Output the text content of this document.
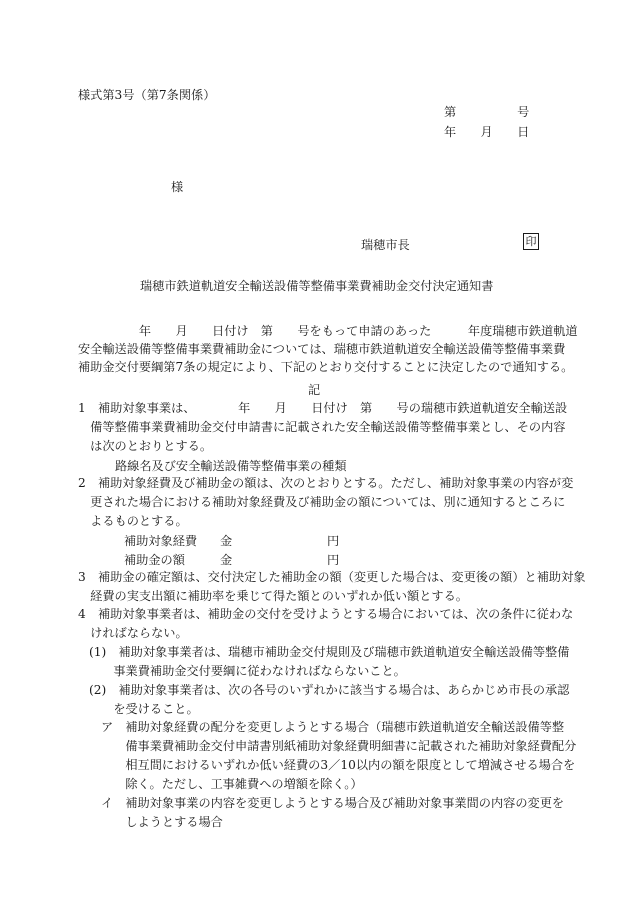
様式第3号（第7条関係）
第　　　　　号
年　　月　　日
様
瑞穂市長	印
瑞穂市鉄道軌道安全輸送設備等整備事業費補助金交付決定通知書
　　　　　年　　月　　日付け　第　　号をもって申請のあった　　　年度瑞穂市鉄道軌道
安全輸送設備等整備事業費補助金については、瑞穂市鉄道軌道安全輸送設備等整備事業費
補助金交付要綱第7条の規定により、下記のとおり交付することに決定したので通知する。
記
1　補助対象事業は、　　　　年　　月　　日付け　第　　号の瑞穂市鉄道軌道安全輸送設
　備等整備事業費補助金交付申請書に記載された安全輸送設備等整備事業とし、その内容
　は次のとおりとする。
路線名及び安全輸送設備等整備事業の種類
2　補助対象経費及び補助金の額は、次のとおりとする。ただし、補助対象事業の内容が変
　更された場合における補助対象経費及び補助金の額については、別に通知するところに
　よるものとする。
補助対象経費 金	円
補助金の額	金	円
3　補助金の確定額は、交付決定した補助金の額（変更した場合は、変更後の額）と補助対象
　経費の実支出額に補助率を乗じて得た額とのいずれか低い額とする。
4　補助対象事業者は、補助金の交付を受けようとする場合においては、次の条件に従わな
　ければならない。
(1)　補助対象事業者は、瑞穂市補助金交付規則及び瑞穂市鉄道軌道安全輸送設備等整備
　　事業費補助金交付要綱に従わなければならないこと。
(2)　補助対象事業者は、次の各号のいずれかに該当する場合は、あらかじめ市長の承認
　　を受けること。
ア　補助対象経費の配分を変更しようとする場合（瑞穂市鉄道軌道安全輸送設備等整
　　備事業費補助金交付申請書別紙補助対象経費明細書に記載された補助対象経費配分
　　相互間におけるいずれか低い経費の3／10以内の額を限度として増減させる場合を
　　除く。ただし、工事雑費への増額を除く。）
イ　補助対象事業の内容を変更しようとする場合及び補助対象事業間の内容の変更を
　　しようとする場合
